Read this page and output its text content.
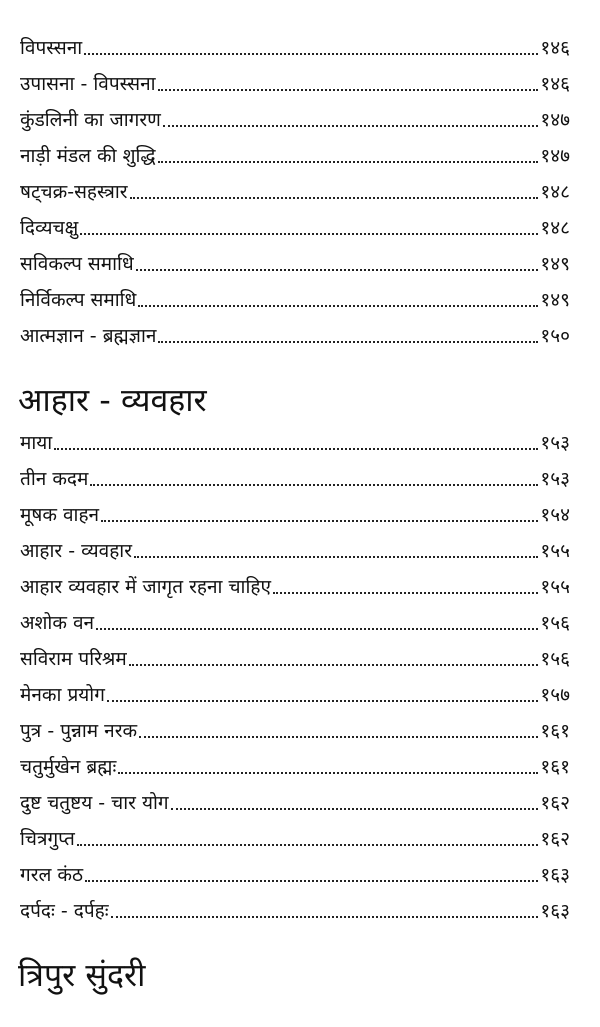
विपस्सना	१४६
उपासना - विपस्सना	१४६
कुंडलिनी का जागरण	१४७
नाड़ी मंडल की शुद्धि	१४७
षट्चक्र-सहस्त्रार	१४८
दिव्यचक्षु	१४८
सविकल्प समाधि	१४९
निर्विकल्प समाधि	१४९
आत्मज्ञान - ब्रह्मज्ञान	१५०
आहार - व्यवहार
माया	१५३
तीन कदम	१५३
मूषक वाहन	१५४
आहार - व्यवहार	१५५
आहार व्यवहार में जागृत रहना चाहिए	१५५
अशोक वन	१५६
सविराम परिश्रम	१५६
मेनका प्रयोग	१५७
पुत्र - पुन्नाम नरक	१६१
चतुर्मुखेन ब्रह्मः	१६१
दुष्ट चतुष्टय - चार योग	१६२
चित्रगुप्त	१६२
गरल कंठ	१६३
दर्पदः - दर्पहः	१६३
त्रिपुर सुंदरी
